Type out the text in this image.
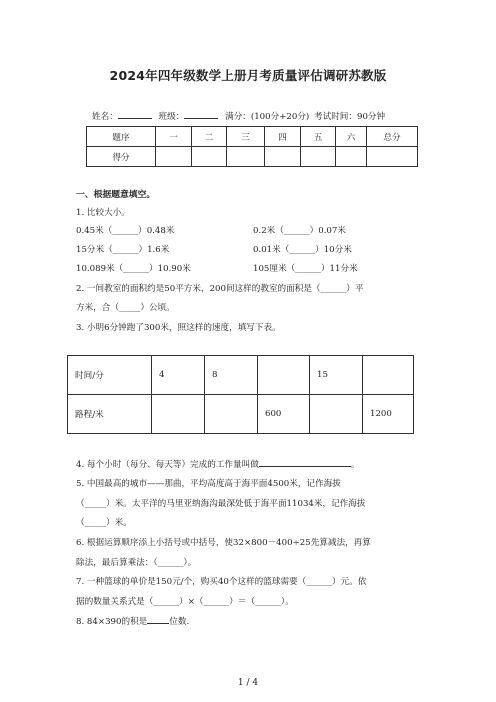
2024年四年级数学上册月考质量评估调研苏教版
姓名：	班级：	满分：(100分+20分) 考试时间：90分钟
题序	一	二	三	四	五	六	总分
得分							
一、根据题意填空。
1. 比较大小。
0.45米（______）0.48米	0.2米（______）0.07米
15分米（______）1.6米	0.01米（______）10分米
10.089米（______）10.90米	105厘米（______）11分米
2. 一间教室的面积约是50平方米，200间这样的教室的面积是（______）平
方米，合（_____）公顷。
3. 小明6分钟跑了300米，照这样的速度，填写下表。
时间/分	4	8		15	
路程/米			600		1200
4. 每个小时（每分、每天等）完成的工作量叫做	。
5. 中国最高的城市——那曲，平均高度高于海平面4500米，记作海拔
（_____）米。太平洋的马里亚纳海沟最深处低于海平面11034米，记作海拔
（_____）米。
6. 根据运算顺序添上小括号或中括号，使32×800－400÷25先算减法，再算
除法，最后算乘法：（______）。
7. 一种篮球的单价是150元/个，购买40个这样的篮球需要（______）元。依
据的数量关系式是（______）×（______）＝（______）。
8. 84×390的积是	位数.
1 / 4
